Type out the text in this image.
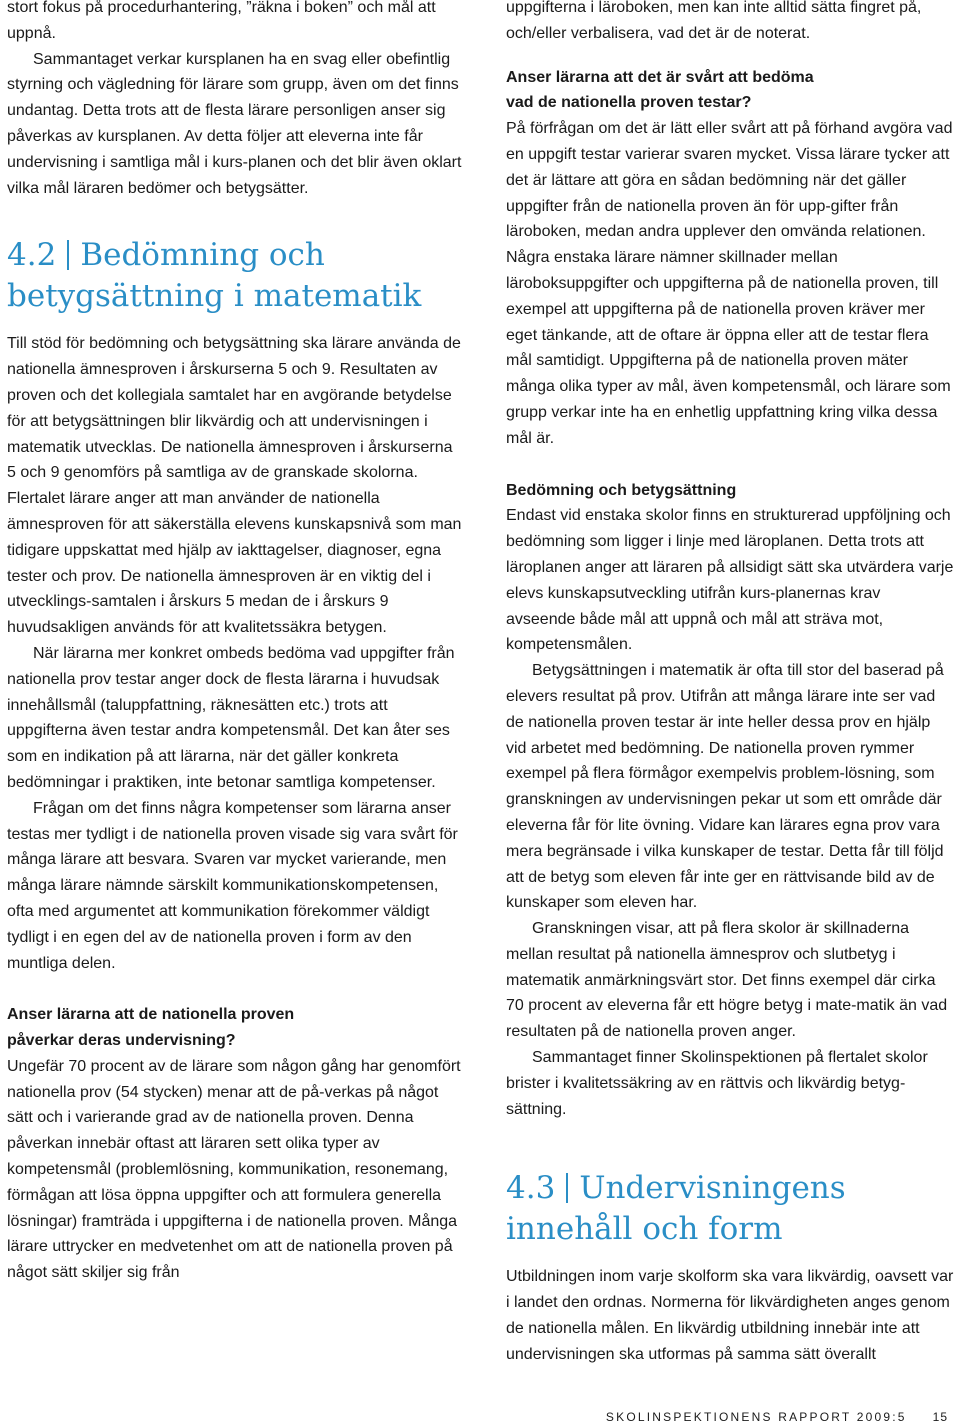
stort fokus på procedurhantering, ”räkna i boken” och mål att uppnå.

Sammantaget verkar kursplanen ha en svag eller obefintlig styrning och vägledning för lärare som grupp, även om det finns undantag. Detta trots att de flesta lärare personligen anser sig påverkas av kursplanen. Av detta följer att eleverna inte får undervisning i samtliga mål i kurs-planen och det blir även oklart vilka mål läraren bedömer och betygsätter.

4.2 Bedömning och
betygsättning i matematik

Till stöd för bedömning och betygsättning ska lärare använda de nationella ämnesproven i årskurserna 5 och 9. Resultaten av proven och det kollegiala samtalet har en avgörande betydelse för att betygsättningen blir likvärdig och att undervisningen i matematik utvecklas. De nationella ämnesproven i årskurserna 5 och 9 genomförs på samtliga av de granskade skolorna. Flertalet lärare anger att man använder de nationella ämnesproven för att säkerställa elevens kunskapsnivå som man tidigare uppskattat med hjälp av iakttagelser, diagnoser, egna tester och prov. De nationella ämnesproven är en viktig del i utvecklings-samtalen i årskurs 5 medan de i årskurs 9 huvudsakligen används för att kvalitetssäkra betygen.

När lärarna mer konkret ombeds bedöma vad uppgifter från nationella prov testar anger dock de flesta lärarna i huvudsak innehållsmål (taluppfattning, räknesätten etc.) trots att uppgifterna även testar andra kompetensmål. Det kan åter ses som en indikation på att lärarna, när det gäller konkreta bedömningar i praktiken, inte betonar samtliga kompetenser.

Frågan om det finns några kompetenser som lärarna anser testas mer tydligt i de nationella proven visade sig vara svårt för många lärare att besvara. Svaren var mycket varierande, men många lärare nämnde särskilt kommunikationskompetensen, ofta med argumentet att kommunikation förekommer väldigt tydligt i en egen del av de nationella proven i form av den muntliga delen.

Anser lärarna att de nationella proven
påverkar deras undervisning?

Ungefär 70 procent av de lärare som någon gång har genomfört nationella prov (54 stycken) menar att de på-verkas på något sätt och i varierande grad av de nationella proven. Denna påverkan innebär oftast att läraren sett olika typer av kompetensmål (problemlösning, kommunikation, resonemang, förmågan att lösa öppna uppgifter och att formulera generella lösningar) framträda i uppgifterna i de nationella proven. Många lärare uttrycker en medvetenhet om att de nationella proven på något sätt skiljer sig från

uppgifterna i läroboken, men kan inte alltid sätta fingret på, och/eller verbalisera, vad det är de noterat.

Anser lärarna att det är svårt att bedöma
vad de nationella proven testar?

På förfrågan om det är lätt eller svårt att på förhand avgöra vad en uppgift testar varierar svaren mycket. Vissa lärare tycker att det är lättare att göra en sådan bedömning när det gäller uppgifter från de nationella proven än för upp-gifter från läroboken, medan andra upplever den omvända relationen. Några enstaka lärare nämner skillnader mellan läroboksuppgifter och uppgifterna på de nationella proven, till exempel att uppgifterna på de nationella proven kräver mer eget tänkande, att de oftare är öppna eller att de testar flera mål samtidigt. Uppgifterna på de nationella proven mäter många olika typer av mål, även kompetensmål, och lärare som grupp verkar inte ha en enhetlig uppfattning kring vilka dessa mål är.

Bedömning och betygsättning

Endast vid enstaka skolor finns en strukturerad uppföljning och bedömning som ligger i linje med läroplanen. Detta trots att läroplanen anger att läraren på allsidigt sätt ska utvärdera varje elevs kunskapsutveckling utifrån kurs-planernas krav avseende både mål att uppnå och mål att sträva mot, kompetensmålen.

Betygsättningen i matematik är ofta till stor del baserad på elevers resultat på prov. Utifrån att många lärare inte ser vad de nationella proven testar är inte heller dessa prov en hjälp vid arbetet med bedömning. De nationella proven rymmer exempel på flera förmågor exempelvis problem-lösning, som granskningen av undervisningen pekar ut som ett område där eleverna får för lite övning. Vidare kan lärares egna prov vara mera begränsade i vilka kunskaper de testar. Detta får till följd att de betyg som eleven får inte ger en rättvisande bild av de kunskaper som eleven har.

Granskningen visar, att på flera skolor är skillnaderna mellan resultat på nationella ämnesprov och slutbetyg i matematik anmärkningsvärt stor. Det finns exempel där cirka 70 procent av eleverna får ett högre betyg i mate-matik än vad resultaten på de nationella proven anger.

Sammantaget finner Skolinspektionen på flertalet skolor brister i kvalitetssäkring av en rättvis och likvärdig betyg-sättning.

4.3 Undervisningens
innehåll och form

Utbildningen inom varje skolform ska vara likvärdig, oavsett var i landet den ordnas. Normerna för likvärdigheten anges genom de nationella målen. En likvärdig utbildning innebär inte att undervisningen ska utformas på samma sätt överallt

SKOLINSPEKTIONENS RAPPORT 2009:5 15
